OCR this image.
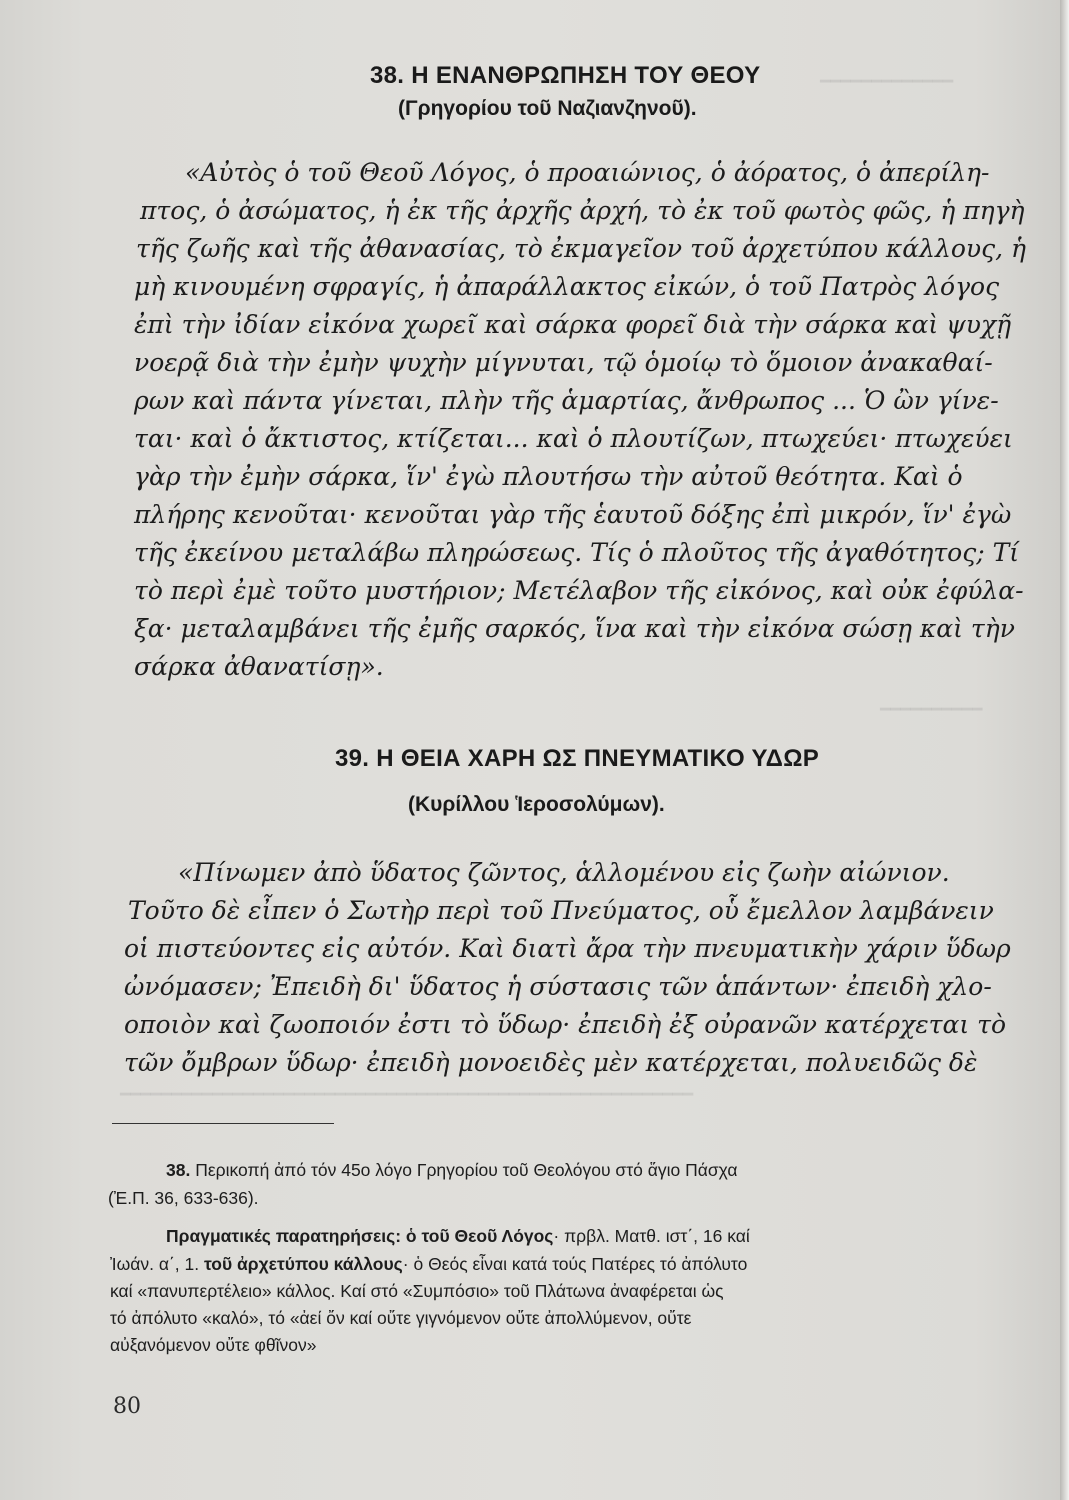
━━━━━━━━━━━━━
━━━━━━━━━━
━━━━━━━━━━━━━━━━━━━━━━━━━━━━━━━━━━━━━━━━━━━━━━━━━━━━━━━━
38. Η ΕΝΑΝΘΡΩΠΗΣΗ ΤΟΥ ΘΕΟΥ
(Γρηγορίου τοῦ Ναζιανζηνοῦ).
«Αὐτὸς ὁ τοῦ Θεοῦ Λόγος, ὁ προαιώνιος, ὁ ἀόρατος, ὁ ἀπερίλη-
πτος, ὁ ἀσώματος, ἡ ἐκ τῆς ἀρχῆς ἀρχή, τὸ ἐκ τοῦ φωτὸς φῶς, ἡ πηγὴ
τῆς ζωῆς καὶ τῆς ἀθανασίας, τὸ ἐκμαγεῖον τοῦ ἀρχετύπου κάλλους, ἡ
μὴ κινουμένη σφραγίς, ἡ ἀπαράλλακτος εἰκών, ὁ τοῦ Πατρὸς λόγος
ἐπὶ τὴν ἰδίαν εἰκόνα χωρεῖ καὶ σάρκα φορεῖ διὰ τὴν σάρκα καὶ ψυχῇ
νοερᾷ διὰ τὴν ἐμὴν ψυχὴν μίγνυται, τῷ ὁμοίῳ τὸ ὅμοιον ἀνακαθαί-
ρων καὶ πάντα γίνεται, πλὴν τῆς ἁμαρτίας, ἄνθρωπος ... Ὁ ὢν γίνε-
ται· καὶ ὁ ἄκτιστος, κτίζεται... καὶ ὁ πλουτίζων, πτωχεύει· πτωχεύει
γὰρ τὴν ἐμὴν σάρκα, ἵν' ἐγὼ πλουτήσω τὴν αὐτοῦ θεότητα. Καὶ ὁ
πλήρης κενοῦται· κενοῦται γὰρ τῆς ἑαυτοῦ δόξης ἐπὶ μικρόν, ἵν' ἐγὼ
τῆς ἐκείνου μεταλάβω πληρώσεως. Τίς ὁ πλοῦτος τῆς ἀγαθότητος; Τί
τὸ περὶ ἐμὲ τοῦτο μυστήριον; Μετέλαβον τῆς εἰκόνος, καὶ οὐκ ἐφύλα-
ξα· μεταλαμβάνει τῆς ἐμῆς σαρκός, ἵνα καὶ τὴν εἰκόνα σώσῃ καὶ τὴν
σάρκα ἀθανατίσῃ».
39. Η ΘΕΙΑ ΧΑΡΗ ΩΣ ΠΝΕΥΜΑΤΙΚΟ ΥΔΩΡ
(Κυρίλλου Ἱεροσολύμων).
«Πίνωμεν ἀπὸ ὕδατος ζῶντος, ἁλλομένου εἰς ζωὴν αἰώνιον.
Τοῦτο δὲ εἶπεν ὁ Σωτὴρ περὶ τοῦ Πνεύματος, οὗ ἔμελλον λαμβάνειν
οἱ πιστεύοντες εἰς αὐτόν. Καὶ διατὶ ἄρα τὴν πνευματικὴν χάριν ὕδωρ
ὠνόμασεν; Ἐπειδὴ δι' ὕδατος ἡ σύστασις τῶν ἁπάντων· ἐπειδὴ χλο-
οποιὸν καὶ ζωοποιόν ἐστι τὸ ὕδωρ· ἐπειδὴ ἐξ οὐρανῶν κατέρχεται τὸ
τῶν ὄμβρων ὕδωρ· ἐπειδὴ μονοειδὲς μὲν κατέρχεται, πολυειδῶς δὲ
38. Περικοπή ἀπό τόν 45ο λόγο Γρηγορίου τοῦ Θεολόγου στό ἅγιο Πάσχα
(Ἐ.Π. 36, 633-636).
Πραγματικές παρατηρήσεις: ὁ τοῦ Θεοῦ Λόγος· πρβλ. Ματθ. ιστ΄, 16 καί
Ἰωάν. α΄, 1. τοῦ ἀρχετύπου κάλλους· ὁ Θεός εἶναι κατά τούς Πατέρες τό ἀπόλυτο
καί «πανυπερτέλειο» κάλλος. Καί στό «Συμπόσιο» τοῦ Πλάτωνα ἀναφέρεται ὡς
τό ἀπόλυτο «καλό», τό «ἀεί ὄν καί οὔτε γιγνόμενον οὔτε ἀπολλύμενον, οὔτε
αὐξανόμενον οὔτε φθῖνον»
80
